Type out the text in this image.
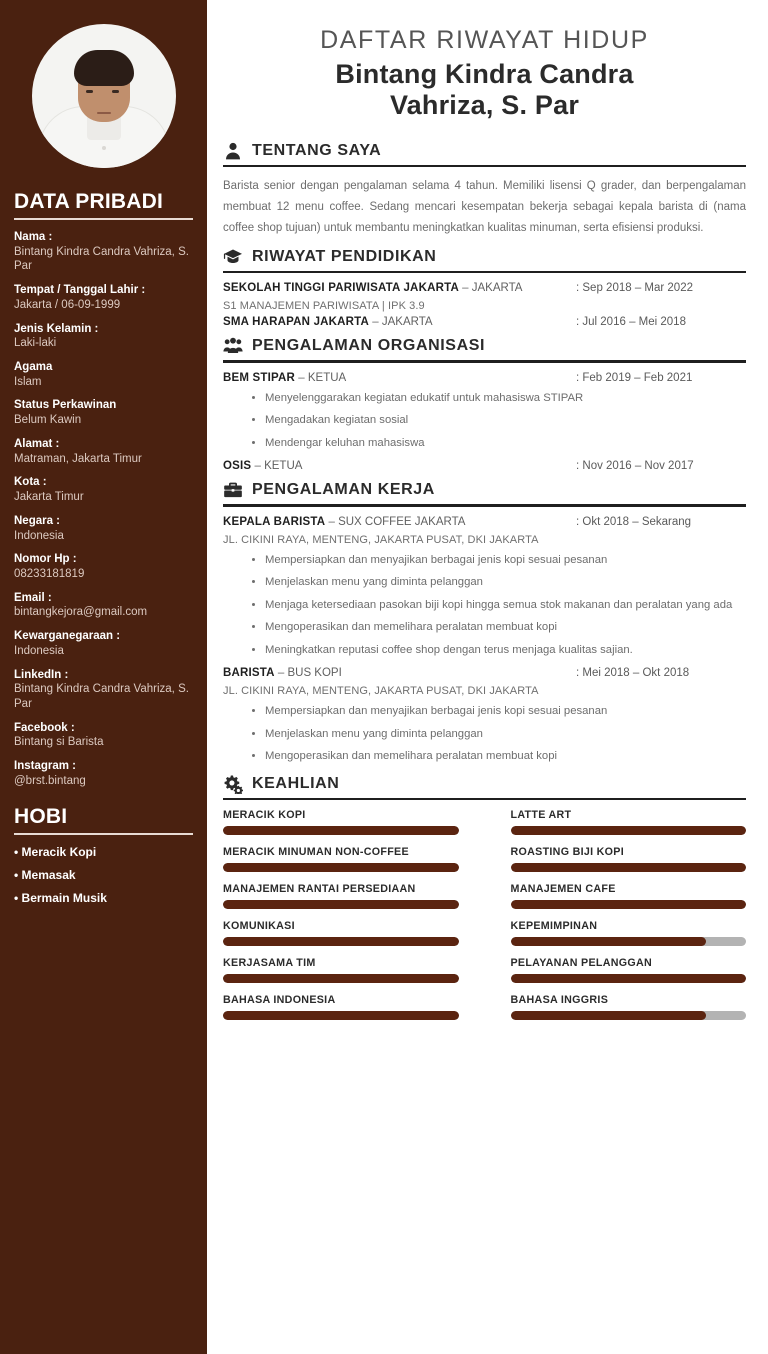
DATA PRIBADI
Nama :
Bintang Kindra Candra Vahriza, S. Par
Tempat / Tanggal Lahir :
Jakarta / 06-09-1999
Jenis Kelamin :
Laki-laki
Agama
Islam
Status Perkawinan
Belum Kawin
Alamat :
Matraman, Jakarta Timur
Kota :
Jakarta Timur
Negara :
Indonesia
Nomor Hp :
08233181819
Email :
bintangkejora@gmail.com
Kewarganegaraan :
Indonesia
LinkedIn :
Bintang Kindra Candra Vahriza, S. Par
Facebook :
Bintang si Barista
Instagram :
@brst.bintang
HOBI
• Meracik Kopi
• Memasak
• Bermain Musik
DAFTAR RIWAYAT HIDUP
Bintang Kindra Candra
Vahriza, S. Par
TENTANG SAYA

Barista senior dengan pengalaman selama 4 tahun. Memiliki lisensi Q grader, dan berpengalaman membuat 12 menu coffee. Sedang mencari kesempatan bekerja sebagai kepala barista di (nama coffee shop tujuan) untuk membantu meningkatkan kualitas minuman, serta efisiensi produksi.

RIWAYAT PENDIDIKAN
SEKOLAH TINGGI PARIWISATA JAKARTA – JAKARTA	: Sep 2018 – Mar 2022
S1 MANAJEMEN PARIWISATA | IPK 3.9
SMA HARAPAN JAKARTA – JAKARTA	: Jul 2016 – Mei 2018
PENGALAMAN ORGANISASI
BEM STIPAR – KETUA	: Feb 2019 – Feb 2021
• Menyelenggarakan kegiatan edukatif untuk mahasiswa STIPAR
• Mengadakan kegiatan sosial
• Mendengar keluhan mahasiswa
OSIS – KETUA	: Nov 2016 – Nov 2017
PENGALAMAN KERJA
KEPALA BARISTA – SUX COFFEE JAKARTA	: Okt 2018 – Sekarang
JL. CIKINI RAYA, MENTENG, JAKARTA PUSAT, DKI JAKARTA
• Mempersiapkan dan menyajikan berbagai jenis kopi sesuai pesanan
• Menjelaskan menu yang diminta pelanggan
• Menjaga ketersediaan pasokan biji kopi hingga semua stok makanan dan peralatan yang ada
• Mengoperasikan dan memelihara peralatan membuat kopi
• Meningkatkan reputasi coffee shop dengan terus menjaga kualitas sajian.
BARISTA – BUS KOPI	: Mei 2018 – Okt 2018
JL. CIKINI RAYA, MENTENG, JAKARTA PUSAT, DKI JAKARTA
• Mempersiapkan dan menyajikan berbagai jenis kopi sesuai pesanan
• Menjelaskan menu yang diminta pelanggan
• Mengoperasikan dan memelihara peralatan membuat kopi
KEAHLIAN
MERACIK KOPI	LATTE ART
MERACIK MINUMAN NON-COFFEE	ROASTING BIJI KOPI
MANAJEMEN RANTAI PERSEDIAAN	MANAJEMEN CAFE
KOMUNIKASI	KEPEMIMPINAN
KERJASAMA TIM	PELAYANAN PELANGGAN
BAHASA INDONESIA	BAHASA INGGRIS
